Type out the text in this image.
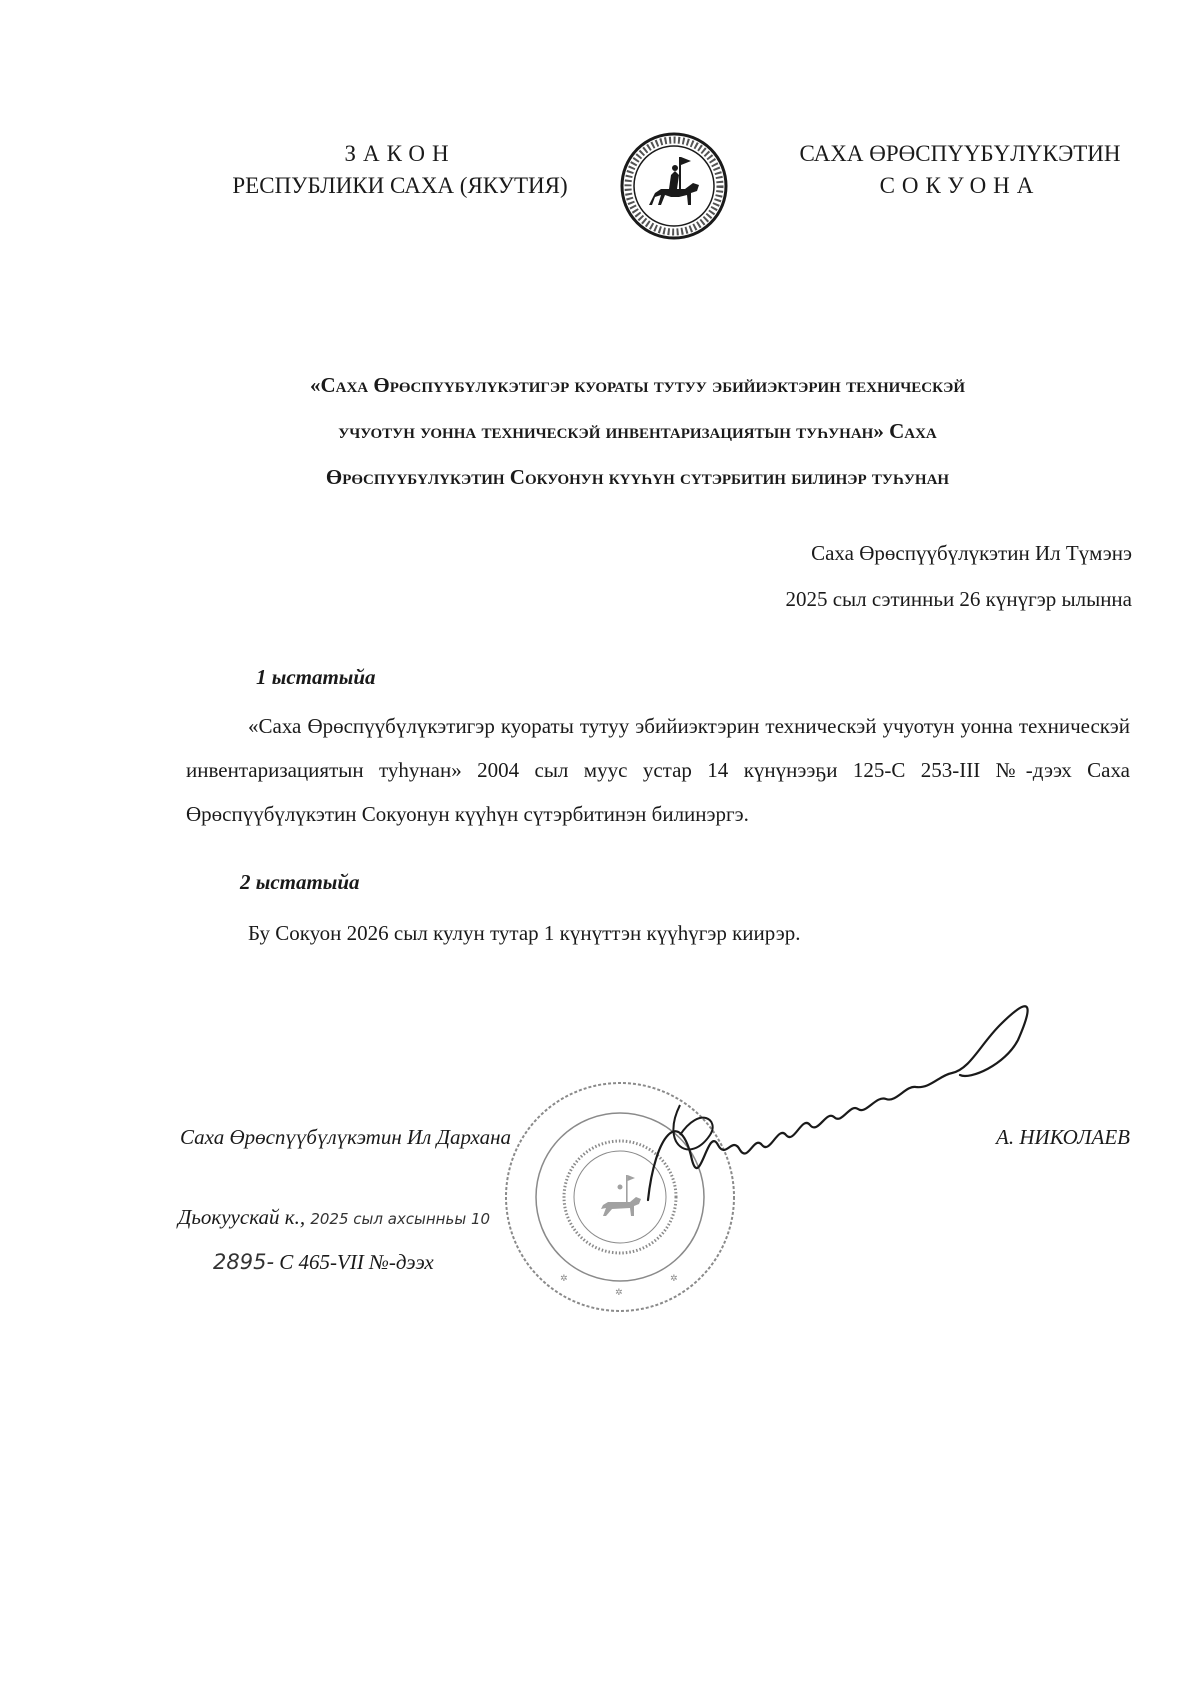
ЗАКОН
РЕСПУБЛИКИ САХА (ЯКУТИЯ)
САХА ӨРӨСПҮҮБҮЛҮКЭТИН
СОКУОНА
«Саха Өрөспүүбүлүкэтигэр куораты тутуу эбийиэктэрин техническэй
учуотун уонна техническэй инвентаризациятын туһунан» Саха
Өрөспүүбүлүкэтин Сокуонун күүһүн сүтэрбитин билинэр туһунан
Саха Өрөспүүбүлүкэтин Ил Түмэнэ
2025 сыл сэтинньи 26 күнүгэр ылынна
1 ыстатыйа
«Саха Өрөспүүбүлүкэтигэр куораты тутуу эбийиэктэрин техническэй учуотун уонна техническэй инвентаризациятын туһунан» 2004 сыл муус устар 14 күнүнээҕи 125-С 253-III №-дээх Саха Өрөспүүбүлүкэтин Сокуонун күүһүн сүтэрбитинэн билинэргэ.
2 ыстатыйа
Бу Сокуон 2026 сыл кулун тутар 1 күнүттэн күүһүгэр киирэр.
✲
✲	✲
Саха Өрөспүүбүлүкэтин Ил Дархана	А. НИКОЛАЕВ
Дьокуускай к., 2025 сыл ахсынньы 10
2895- С 465-VII №-дээх
